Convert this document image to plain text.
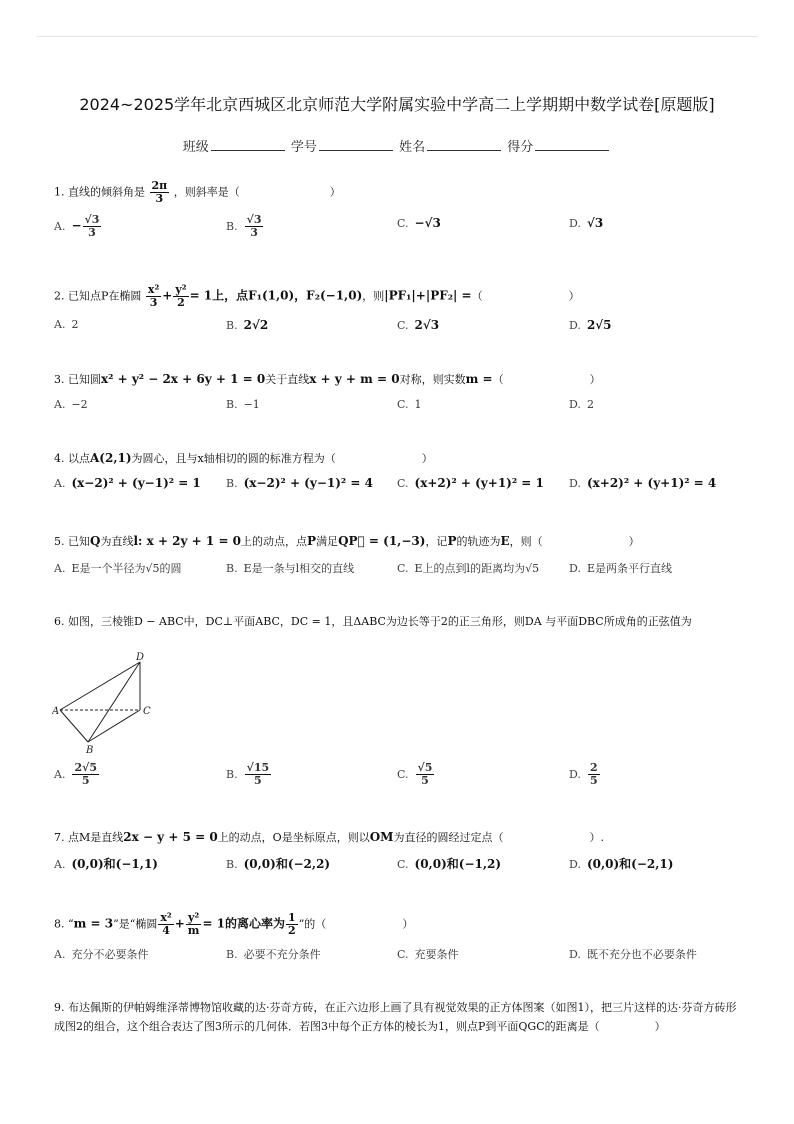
2024~2025学年北京西城区北京师范大学附属实验中学高二上学期期中数学试卷[原题版]
班级	学号	姓名	得分
1. 直线的倾斜角是 $\frac{2\pi}{3}$ ，则斜率是（	）
A. − $\frac{√3}{3}$	B. $\frac{√3}{3}$	C. −√3	D. √3
2. 已知点P在椭圆 $\frac{\text{x²}}{3} + \frac{\text{y²}}{2} = 1$上，点F₁(1,0)，F₂(−1,0)，则|PF₁|+|PF₂| =（	）
A. 2	B. 2√2	C. 2√3	D. 2√5
3. 已知圆x² + y² − 2x + 6y + 1 = 0关于直线x + y + m = 0对称，则实数m =（	）
A. −2	B. −1	C. 1	D. 2
4. 以点A(2,1)为圆心，且与x轴相切的圆的标准方程为（	）
A. (x−2)² + (y−1)² = 1 B. (x−2)² + (y−1)² = 4 C. (x+2)² + (y+1)² = 1 D. (x+2)² + (y+1)² = 4
5. 已知Q为直线l: x + 2y + 1 = 0上的动点，点P满足QP⃗ = (1,−3)，记P的轨迹为E，则（	）
A. E是一个半径为√5的圆	B. E是一条与l相交的直线	C. E上的点到l的距离均为√5	D. E是两条平行直线
6. 如图，三棱锥D − ABC中，DC⊥平面ABC，DC = 1，且ΔABC为边长等于2的正三角形，则DA 与平面DBC所成角的正弦值为
D
A	C
B
A. $\frac{2√5}{5}$	B. $\frac{√15}{5}$	C. $\frac{√5}{5}$	D. $\frac{2}{5}$
7. 点M是直线2x − y + 5 = 0上的动点，O是坐标原点，则以OM为直径的圆经过定点（	）.
A. (0,0)和(−1,1)	B. (0,0)和(−2,2)	C. (0,0)和(−1,2)	D. (0,0)和(−2,1)
8. “m = 3”是“椭圆 $\frac{\text{x²}}{4} + \frac{\text{y²}}{m} = 1$的离心率为 $\frac{1}{2}$ ”的（	）
A. 充分不必要条件	B. 必要不充分条件	C. 充要条件	D. 既不充分也不必要条件
9. 布达佩斯的伊帕姆维泽蒂博物馆收藏的达·芬奇方砖，在正六边形上画了具有视觉效果的正方体图案（如图1），把三片这样的达·芬奇方砖形成图2的组合，这个组合表达了图3所示的几何体．若图3中每个正方体的棱长为1，则点P到平面QGC的距离是（　　　　　）
